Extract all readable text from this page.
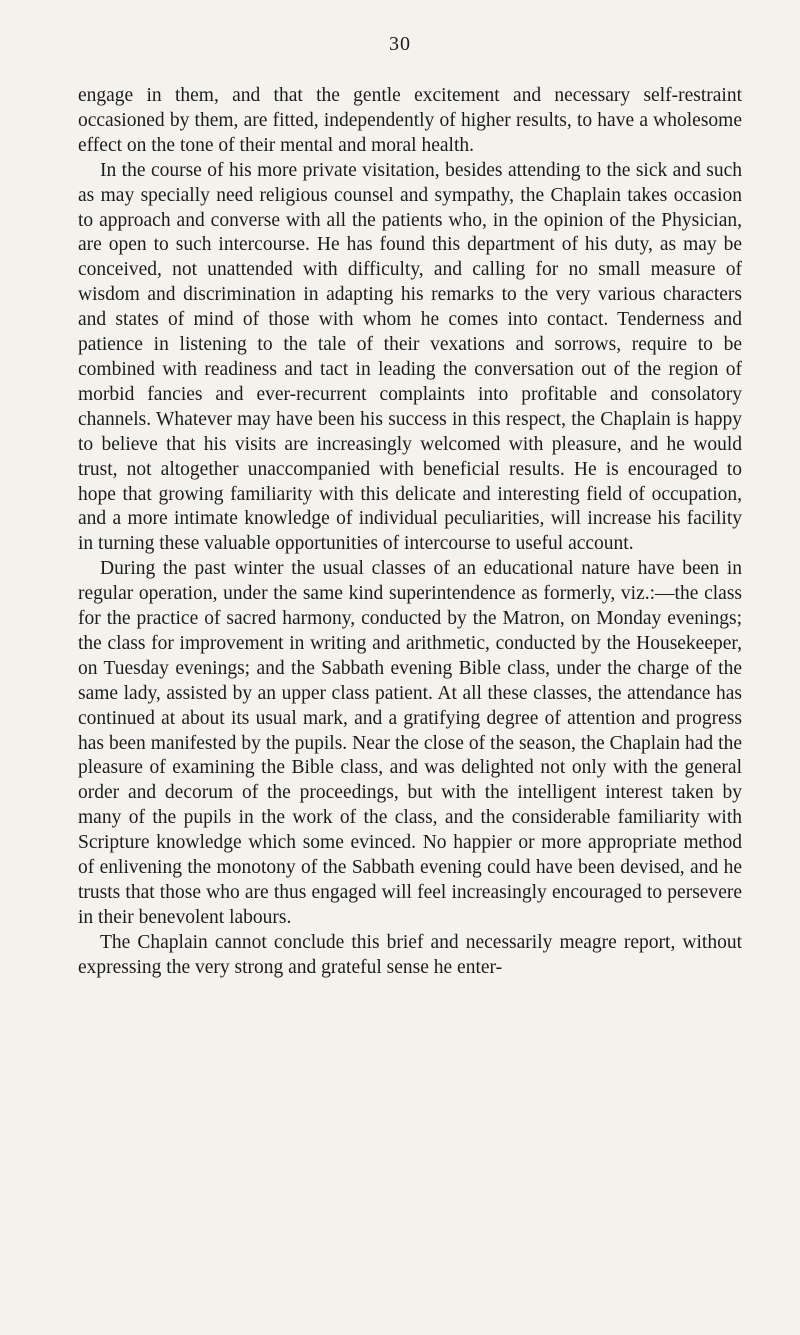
30

engage in them, and that the gentle excitement and necessary self-restraint occasioned by them, are fitted, independently of higher results, to have a wholesome effect on the tone of their mental and moral health.

In the course of his more private visitation, besides attending to the sick and such as may specially need religious counsel and sympathy, the Chaplain takes occasion to approach and converse with all the patients who, in the opinion of the Physician, are open to such intercourse. He has found this department of his duty, as may be conceived, not unattended with difficulty, and calling for no small measure of wisdom and discrimination in adapting his remarks to the very various characters and states of mind of those with whom he comes into contact. Tenderness and patience in listening to the tale of their vexations and sorrows, require to be combined with readiness and tact in leading the conversation out of the region of morbid fancies and ever-recurrent complaints into profitable and consolatory channels. Whatever may have been his success in this respect, the Chaplain is happy to believe that his visits are increasingly welcomed with pleasure, and he would trust, not altogether unaccompanied with beneficial results. He is encouraged to hope that growing familiarity with this delicate and interesting field of occupation, and a more intimate knowledge of individual peculiarities, will increase his facility in turning these valuable opportunities of intercourse to useful account.

During the past winter the usual classes of an educational nature have been in regular operation, under the same kind superintendence as formerly, viz.:—the class for the practice of sacred harmony, conducted by the Matron, on Monday evenings; the class for improvement in writing and arithmetic, conducted by the Housekeeper, on Tuesday evenings; and the Sabbath evening Bible class, under the charge of the same lady, assisted by an upper class patient. At all these classes, the attendance has continued at about its usual mark, and a gratifying degree of attention and progress has been manifested by the pupils. Near the close of the season, the Chaplain had the pleasure of examining the Bible class, and was delighted not only with the general order and decorum of the proceedings, but with the intelligent interest taken by many of the pupils in the work of the class, and the considerable familiarity with Scripture knowledge which some evinced. No happier or more appropriate method of enlivening the monotony of the Sabbath evening could have been devised, and he trusts that those who are thus engaged will feel increasingly encouraged to persevere in their benevolent labours.

The Chaplain cannot conclude this brief and necessarily meagre report, without expressing the very strong and grateful sense he enter-
